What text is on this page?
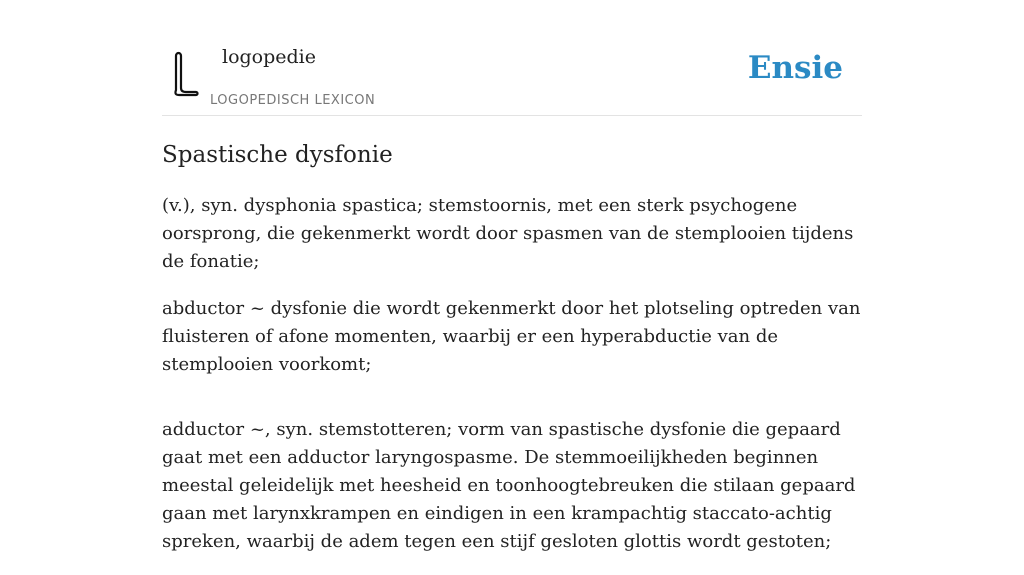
logopedie
LOGOPEDISCH LEXICON
Ensie
Spastische dysfonie

(v.), syn. dysphonia spastica; stemstoornis, met een sterk psychogene oorsprong, die gekenmerkt wordt door spasmen van de stemplooien tijdens de fonatie;

abductor ~ dysfonie die wordt gekenmerkt door het plotseling optreden van fluisteren of afone momenten, waarbij er een hyperabductie van de stemplooien voorkomt;

adductor ~, syn. stemstotteren; vorm van spastische dysfonie die gepaard gaat met een adductor laryngospasme. De stemmoeilijkheden beginnen meestal geleidelijk met heesheid en toonhoogtebreuken die stilaan gepaard gaan met larynxkrampen en eindigen in een krampachtig staccato-achtig spreken, waarbij de adem tegen een stijf gesloten glottis wordt gestoten;
